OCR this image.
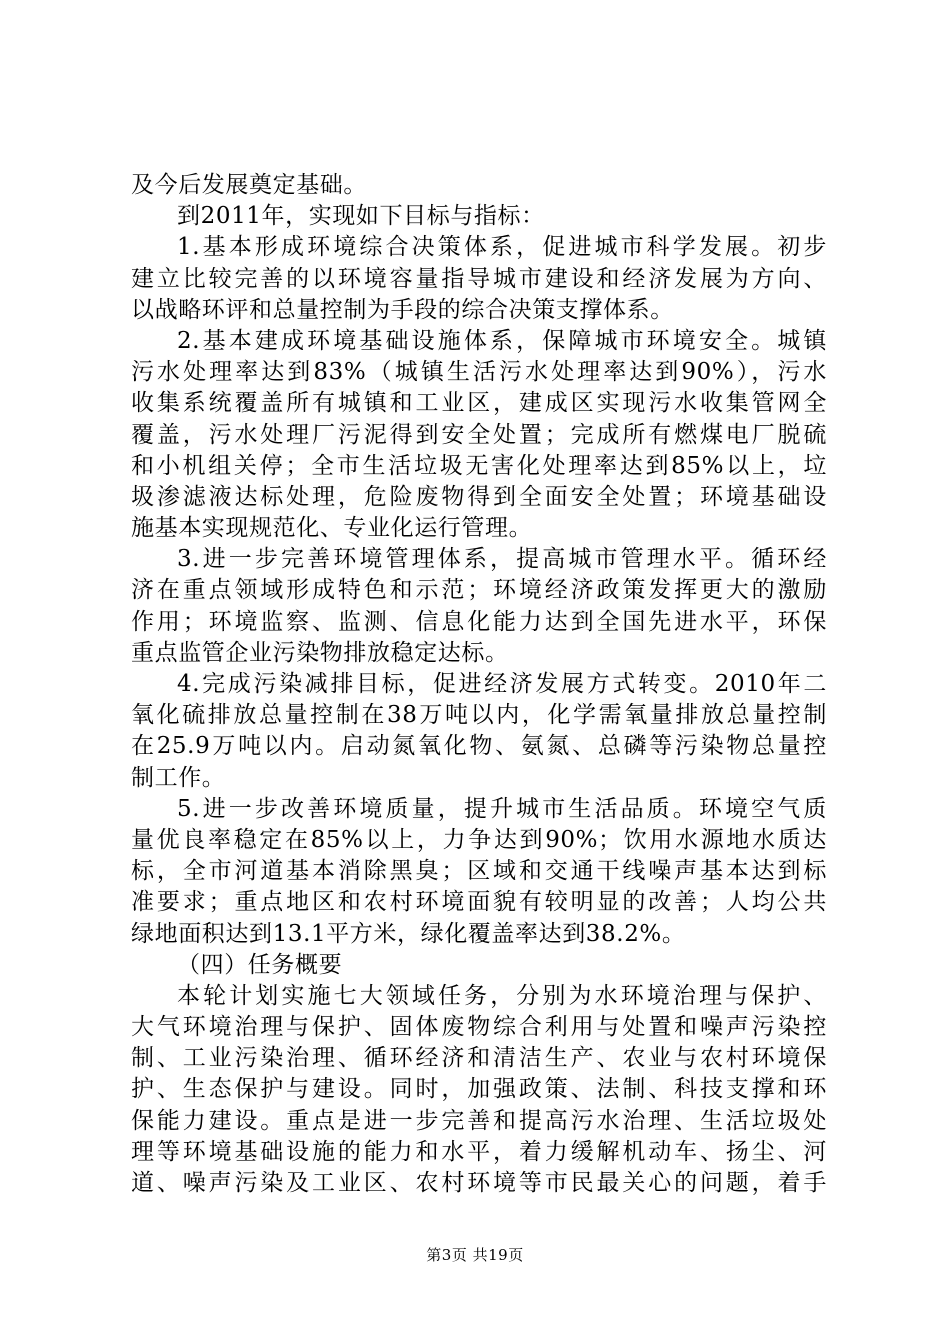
及今后发展奠定基础。
到2011年，实现如下目标与指标：
1.基本形成环境综合决策体系，促进城市科学发展。初步
建立比较完善的以环境容量指导城市建设和经济发展为方向、
以战略环评和总量控制为手段的综合决策支撑体系。
2.基本建成环境基础设施体系，保障城市环境安全。城镇
污水处理率达到83%（城镇生活污水处理率达到90%），污水
收集系统覆盖所有城镇和工业区，建成区实现污水收集管网全
覆盖，污水处理厂污泥得到安全处置；完成所有燃煤电厂脱硫
和小机组关停；全市生活垃圾无害化处理率达到85%以上，垃
圾渗滤液达标处理，危险废物得到全面安全处置；环境基础设
施基本实现规范化、专业化运行管理。
3.进一步完善环境管理体系，提高城市管理水平。循环经
济在重点领域形成特色和示范；环境经济政策发挥更大的激励
作用；环境监察、监测、信息化能力达到全国先进水平，环保
重点监管企业污染物排放稳定达标。
4.完成污染减排目标，促进经济发展方式转变。2010年二
氧化硫排放总量控制在38万吨以内，化学需氧量排放总量控制
在25.9万吨以内。启动氮氧化物、氨氮、总磷等污染物总量控
制工作。
5.进一步改善环境质量，提升城市生活品质。环境空气质
量优良率稳定在85%以上，力争达到90%；饮用水源地水质达
标，全市河道基本消除黑臭；区域和交通干线噪声基本达到标
准要求；重点地区和农村环境面貌有较明显的改善；人均公共
绿地面积达到13.1平方米，绿化覆盖率达到38.2%。
（四）任务概要
本轮计划实施七大领域任务，分别为水环境治理与保护、
大气环境治理与保护、固体废物综合利用与处置和噪声污染控
制、工业污染治理、循环经济和清洁生产、农业与农村环境保
护、生态保护与建设。同时，加强政策、法制、科技支撑和环
保能力建设。重点是进一步完善和提高污水治理、生活垃圾处
理等环境基础设施的能力和水平，着力缓解机动车、扬尘、河
道、噪声污染及工业区、农村环境等市民最关心的问题，着手
第3页 共19页
